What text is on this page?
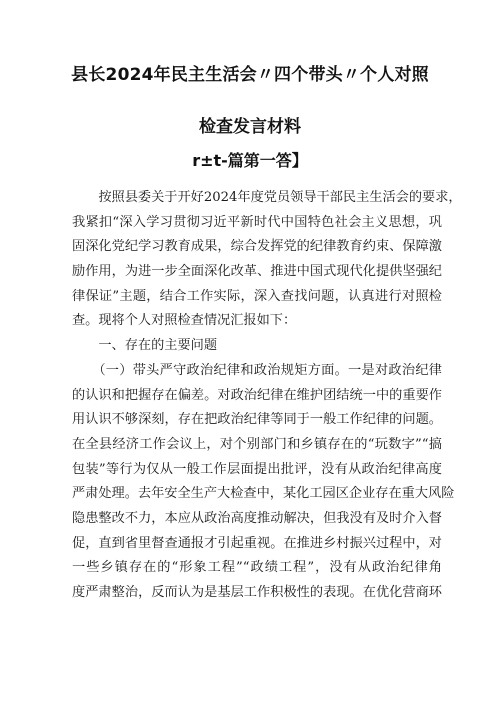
县长2024年民主生活会〃四个带头〃个人对照
检查发言材料
r±t-篇第一答】
　　按照县委关于开好2024年度党员领导干部民主生活会的要求，
我紧扣“深入学习贯彻习近平新时代中国特色社会主义思想，巩
固深化党纪学习教育成果，综合发挥党的纪律教育约束、保障激
励作用，为进一步全面深化改革、推进中国式现代化提供坚强纪
律保证”主题，结合工作实际，深入查找问题，认真进行对照检
查。现将个人对照检查情况汇报如下：
　　一、存在的主要问题
　　（一）带头严守政治纪律和政治规矩方面。一是对政治纪律
的认识和把握存在偏差。对政治纪律在维护团结统一中的重要作
用认识不够深刻，存在把政治纪律等同于一般工作纪律的问题。
在全县经济工作会议上，对个别部门和乡镇存在的“玩数字”“搞
包装”等行为仅从一般工作层面提出批评，没有从政治纪律高度
严肃处理。去年安全生产大检查中，某化工园区企业存在重大风险
隐患整改不力，本应从政治高度推动解决，但我没有及时介入督
促，直到省里督查通报才引起重视。在推进乡村振兴过程中，对
一些乡镇存在的“形象工程”“政绩工程”，没有从政治纪律角
度严肃整治，反而认为是基层工作积极性的表现。在优化营商环
